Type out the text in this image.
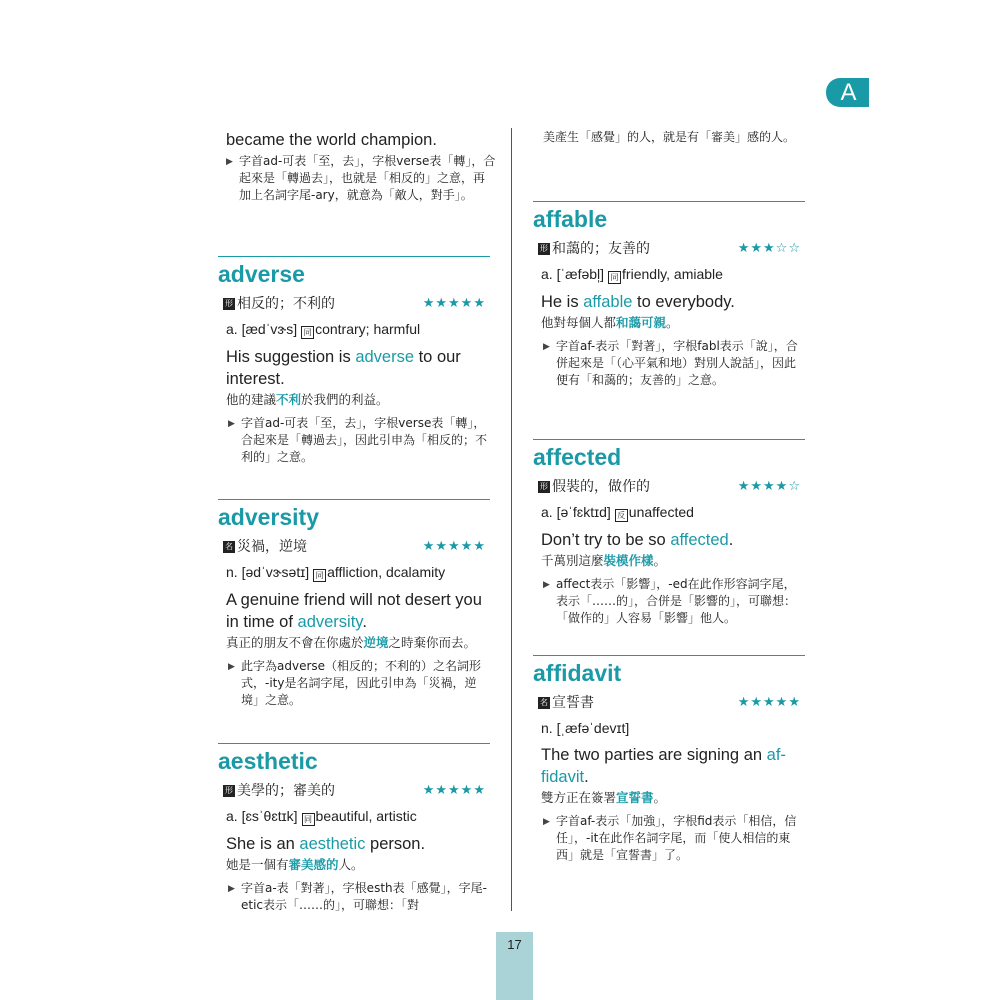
A

became the world champion.

▶ 字首ad-可表「至，去」，字根verse表「轉」，合起來是「轉過去」，也就是「相反的」之意，再加上名詞字尾-ary，就意為「敵人，對手」。
adverse
形 相反的；不利的	★★★★★
a. [ædˈvɝs] 同 contrary; harmful
His suggestion is adverse to our interest.
他的建議不利於我們的利益。
▶ 字首ad-可表「至，去」，字根verse表「轉」，合起來是「轉過去」，因此引申為「相反的；不利的」之意。
adversity
名 災禍，逆境	★★★★★
n. [ədˈvɝsətɪ] 同 affliction, dcalamity
A genuine friend will not desert you in time of adversity.
真正的朋友不會在你處於逆境之時棄你而去。
▶ 此字為adverse（相反的；不利的）之名詞形式，-ity是名詞字尾，因此引申為「災禍，逆境」之意。
aesthetic
形 美學的；審美的	★★★★★
a. [ɛsˈθɛtɪk] 同 beautiful, artistic
She is an aesthetic person.
她是一個有審美感的人。
▶ 字首a-表「對著」，字根esth表「感覺」，字尾-etic表示「……的」，可聯想：「對
美產生「感覺」的人，就是有「審美」感的人。
affable
形 和藹的；友善的	★★★☆☆
a. [ˈæfəbl̩] 同 friendly, amiable
He is affable to everybody.
他對每個人都和藹可親。
▶ 字首af-表示「對著」，字根fabl表示「說」，合併起來是「（心平氣和地）對別人說話」，因此便有「和藹的；友善的」之意。
affected
形 假裝的，做作的	★★★★☆
a. [əˈfɛktɪd] 反 unaffected
Don’t try to be so affected.
千萬別這麼裝模作樣。
▶ affect表示「影響」，-ed在此作形容詞字尾，表示「……的」，合併是「影響的」，可聯想：「做作的」人容易「影響」他人。
affidavit
名 宣誓書	★★★★★
n. [ˌæfəˈdevɪt]
The two parties are signing an af-fidavit.
雙方正在簽署宣誓書。
▶ 字首af-表示「加強」，字根fid表示「相信，信任」，-it在此作名詞字尾，而「使人相信的東西」就是「宣誓書」了。
17
